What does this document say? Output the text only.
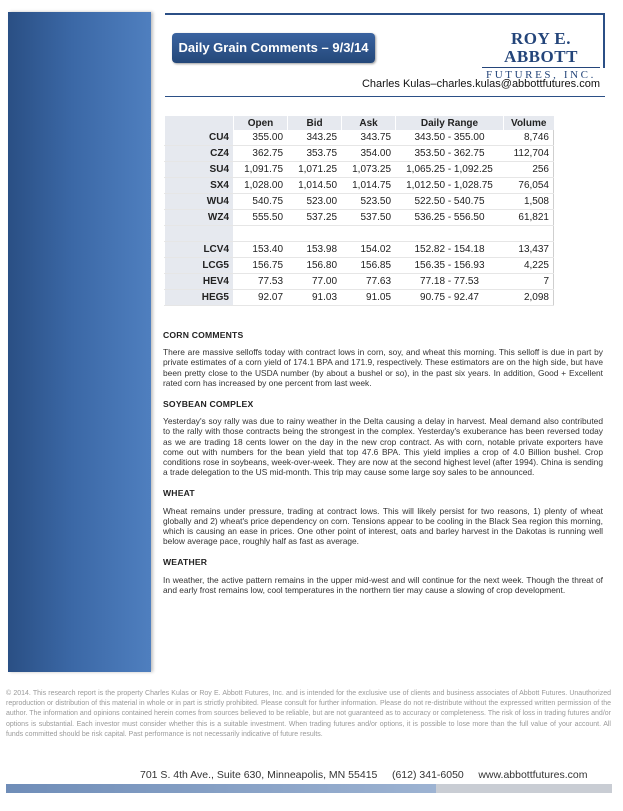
Daily Grain Comments – 9/3/14	ROY E. ABBOTT
FUTURES, INC.
Charles Kulas–charles.kulas@abbottfutures.com
	Open	Bid	Ask	Daily Range	Volume
CU4	355.00	343.25	343.75	343.50 - 355.00	8,746
CZ4	362.75	353.75	354.00	353.50 - 362.75	112,704
SU4	1,091.75	1,071.25	1,073.25	1,065.25 - 1,092.25	256
SX4	1,028.00	1,014.50	1,014.75	1,012.50 - 1,028.75	76,054
WU4	540.75	523.00	523.50	522.50 - 540.75	1,508
WZ4	555.50	537.25	537.50	536.25 - 556.50	61,821

LCV4	153.40	153.98	154.02	152.82 - 154.18	13,437
LCG5	156.75	156.80	156.85	156.35 - 156.93	4,225
HEV4	77.53	77.00	77.63	77.18 - 77.53	7
HEG5	92.07	91.03	91.05	90.75 - 92.47	2,098
CORN COMMENTS

There are massive selloffs today with contract lows in corn, soy, and wheat this morning. This selloff is due in part by private estimates of a corn yield of 174.1 BPA and 171.9, respectively. These estimators are on the high side, but have been pretty close to the USDA number (by about a bushel or so), in the past six years. In addition, Good + Excellent rated corn has increased by one percent from last week.

SOYBEAN COMPLEX

Yesterday's soy rally was due to rainy weather in the Delta causing a delay in harvest. Meal demand also contributed to the rally with those contracts being the strongest in the complex. Yesterday's exuberance has been reversed today as we are trading 18 cents lower on the day in the new crop contract. As with corn, notable private exporters have come out with numbers for the bean yield that top 47.6 BPA. This yield implies a crop of 4.0 Billion bushel. Crop conditions rose in soybeans, week-over-week. They are now at the second highest level (after 1994). China is sending a trade delegation to the US mid-month. This trip may cause some large soy sales to be announced.

WHEAT

Wheat remains under pressure, trading at contract lows. This will likely persist for two reasons, 1) plenty of wheat globally and 2) wheat's price dependency on corn. Tensions appear to be cooling in the Black Sea region this morning, which is causing an ease in prices. One other point of interest, oats and barley harvest in the Dakotas is running well below average pace, roughly half as fast as average.

WEATHER

In weather, the active pattern remains in the upper mid-west and will continue for the next week. Though the threat of and early frost remains low, cool temperatures in the northern tier may cause a slowing of crop development.

© 2014. This research report is the property Charles Kulas or Roy E. Abbott Futures, Inc. and is intended for the exclusive use of clients and business associates of Abbott Futures. Unauthorized reproduction or distribution of this material in whole or in part is strictly prohibited. Please consult for further information. Please do not re-distribute without the expressed written permission of the author. The information and opinions contained herein comes from sources believed to be reliable, but are not guaranteed as to accuracy or completeness. The risk of loss in trading futures and/or options is substantial. Each investor must consider whether this is a suitable investment. When trading futures and/or options, it is possible to lose more than the full value of your account. All funds committed should be risk capital. Past performance is not necessarily indicative of future results.
701 S. 4th Ave., Suite 630, Minneapolis, MN 55415     (612) 341-6050     www.abbottfutures.com
